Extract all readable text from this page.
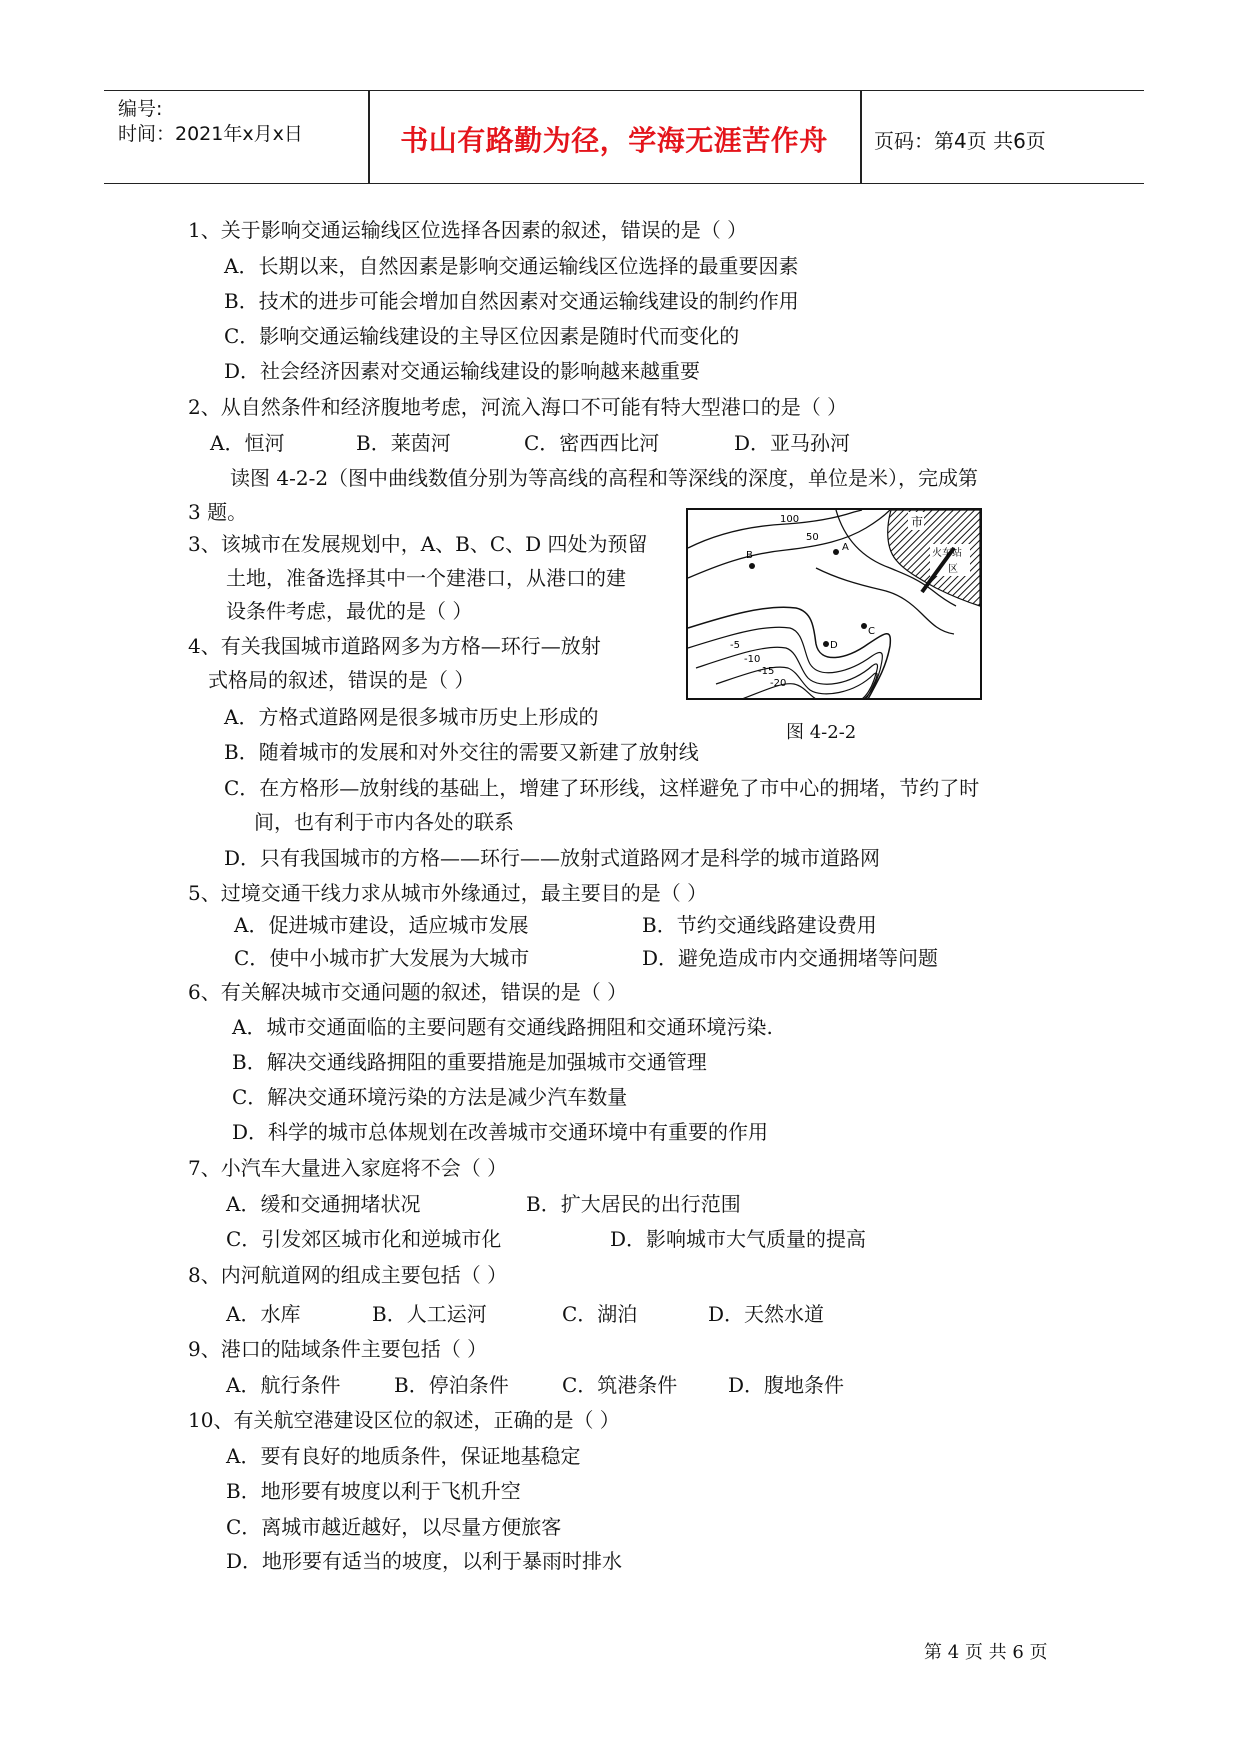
编号:
时间：2021年x月x日	书山有路勤为径，学海无涯苦作舟	页码：第4页 共6页
1、关于影响交通运输线区位选择各因素的叙述，错误的是（ ）
A．长期以来，自然因素是影响交通运输线区位选择的最重要因素
B．技术的进步可能会增加自然因素对交通运输线建设的制约作用
C．影响交通运输线建设的主导区位因素是随时代而变化的
D．社会经济因素对交通运输线建设的影响越来越重要
2、从自然条件和经济腹地考虑，河流入海口不可能有特大型港口的是（ ）
A．恒河	B．莱茵河	C．密西西比河	D．亚马孙河
读图 4-2-2（图中曲线数值分别为等高线的高程和等深线的深度，单位是米），完成第
3 题。
3、该城市在发展规划中，A、B、C、D 四处为预留
土地，准备选择其中一个建港口，从港口的建
设条件考虑，最优的是（ ）
4、有关我国城市道路网多为方格—环行—放射
式格局的叙述，错误的是（ ）
A．方格式道路网是很多城市历史上形成的
B．随着城市的发展和对外交往的需要又新建了放射线
C．在方格形—放射线的基础上，增建了环形线，这样避免了市中心的拥堵，节约了时
间，也有利于市内各处的联系
D．只有我国城市的方格——环行——放射式道路网才是科学的城市道路网
5、过境交通干线力求从城市外缘通过，最主要目的是（ ）
A．促进城市建设，适应城市发展	B．节约交通线路建设费用
C．使中小城市扩大发展为大城市	D．避免造成市内交通拥堵等问题
6、有关解决城市交通问题的叙述，错误的是（ ）
A．城市交通面临的主要问题有交通线路拥阻和交通环境污染.
B．解决交通线路拥阻的重要措施是加强城市交通管理
C．解决交通环境污染的方法是减少汽车数量
D．科学的城市总体规划在改善城市交通环境中有重要的作用
7、小汽车大量进入家庭将不会（ ）
A．缓和交通拥堵状况	B．扩大居民的出行范围
C．引发郊区城市化和逆城市化	D．影响城市大气质量的提高
8、内河航道网的组成主要包括（ ）
A．水库	B．人工运河	C．湖泊	D．天然水道
9、港口的陆域条件主要包括（ ）
A．航行条件	B．停泊条件	C．筑港条件	D．腹地条件
10、有关航空港建设区位的叙述，正确的是（ ）
A．要有良好的地质条件，保证地基稳定
B．地形要有坡度以利于飞机升空
C．离城市越近越好，以尽量方便旅客
D．地形要有适当的坡度，以利于暴雨时排水
100
50
-5
-10
-15
-20
A
B
C
D
市
火车站
区
图 4-2-2
第 4 页 共 6 页
